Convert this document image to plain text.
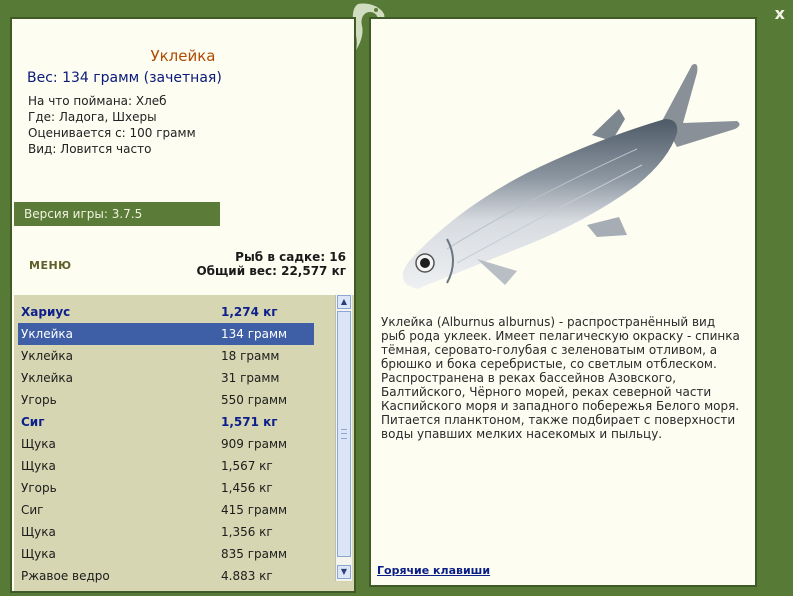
x
Уклейка
Вес: 134 грамм (зачетная)
На что поймана: Хлеб
Где: Ладога, Шхеры
Оценивается с: 100 грамм
Вид: Ловится часто
Версия игры: 3.7.5
МЕНЮ
Рыб в садке: 16
Общий вес: 22,577 кг
Хариус	1,274 кг
Уклейка	134 грамм
Уклейка	18 грамм
Уклейка	31 грамм
Угорь	550 грамм
Сиг	1,571 кг
Щука	909 грамм
Щука	1,567 кг
Угорь	1,456 кг
Сиг	415 грамм
Щука	1,356 кг
Щука	835 грамм
Ржавое ведро	4.883 кг
▲
▼
Уклейка (Alburnus alburnus) - распространённый вид рыб рода уклеек. Имеет пелагическую окраску - спинка тёмная, серовато-голубая с зеленоватым отливом, а брюшко и бока серебристые, со светлым отблеском. Распространена в реках бассейнов Азовского, Балтийского, Чёрного морей, реках северной части Каспийского моря и западного побережья Белого моря. Питается планктоном, также подбирает с поверхности воды упавших мелких насекомых и пыльцу.
Горячие клавиши
